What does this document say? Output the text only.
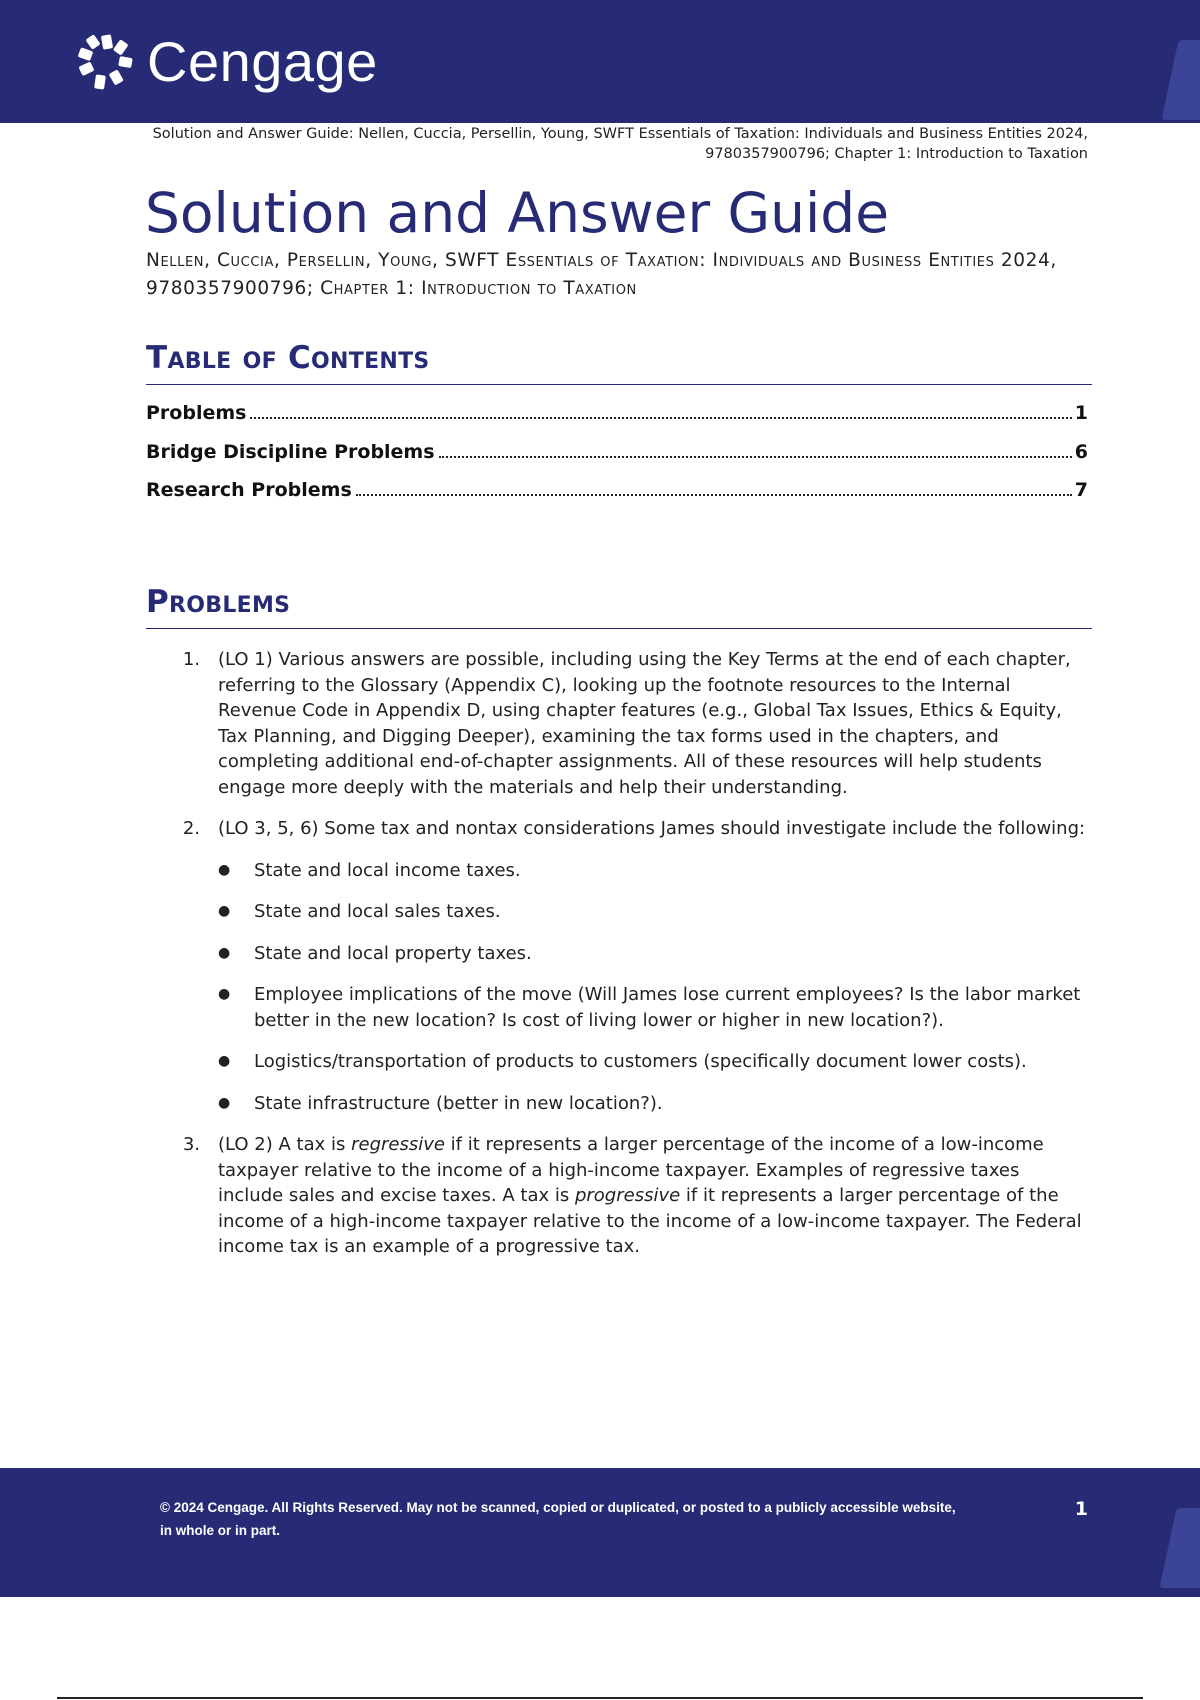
Cengage
Solution and Answer Guide: Nellen, Cuccia, Persellin, Young, SWFT Essentials of Taxation: Individuals and Business Entities 2024, 9780357900796; Chapter 1: Introduction to Taxation
Solution and Answer Guide
Nellen, Cuccia, Persellin, Young, SWFT Essentials of Taxation: Individuals and Business Entities 2024, 9780357900796; Chapter 1: Introduction to Taxation
Table of Contents
Problems	1
Bridge Discipline Problems	6
Research Problems	7
Problems
1.	(LO 1) Various answers are possible, including using the Key Terms at the end of each chapter, referring to the Glossary (Appendix C), looking up the footnote resources to the Internal Revenue Code in Appendix D, using chapter features (e.g., Global Tax Issues, Ethics & Equity, Tax Planning, and Digging Deeper), examining the tax forms used in the chapters, and completing additional end-of-chapter assignments. All of these resources will help students engage more deeply with the materials and help their understanding.
2.	(LO 3, 5, 6) Some tax and nontax considerations James should investigate include the following:
●	State and local income taxes.
●	State and local sales taxes.
●	State and local property taxes.
●	Employee implications of the move (Will James lose current employees? Is the labor market better in the new location? Is cost of living lower or higher in new location?).
●	Logistics/transportation of products to customers (specifically document lower costs).
●	State infrastructure (better in new location?).
3.	(LO 2) A tax is regressive if it represents a larger percentage of the income of a low-income taxpayer relative to the income of a high-income taxpayer. Examples of regressive taxes include sales and excise taxes. A tax is progressive if it represents a larger percentage of the income of a high-income taxpayer relative to the income of a low-income taxpayer. The Federal income tax is an example of a progressive tax.
© 2024 Cengage. All Rights Reserved. May not be scanned, copied or duplicated, or posted to a publicly accessible website, in whole or in part.
1
